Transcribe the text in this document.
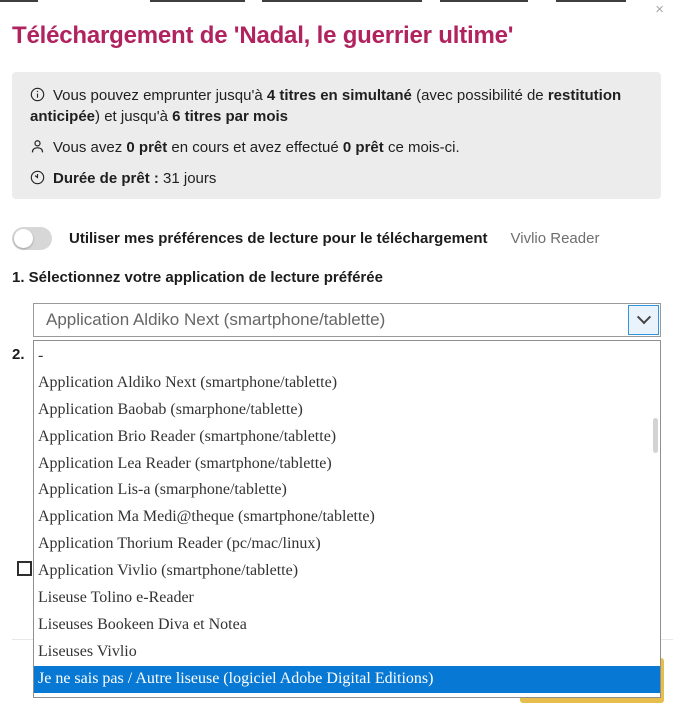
Téléchargement de 'Nadal, le guerrier ultime'
×

Vous pouvez emprunter jusqu'à 4 titres en simultané (avec possibilité de restitution anticipée) et jusqu'à 6 titres par mois

Vous avez 0 prêt en cours et avez effectué 0 prêt ce mois-ci.

Durée de prêt : 31 jours

Utiliser mes préférences de lecture pour le téléchargement Vivlio Reader
1. Sélectionnez votre application de lecture préférée
Application Aldiko Next (smartphone/tablette)
2. -
Application Aldiko Next (smartphone/tablette)
Application Baobab (smarphone/tablette)
Application Brio Reader (smartphone/tablette)
Application Lea Reader (smartphone/tablette)
Application Lis-a (smarphone/tablette)
Application Ma Medi@theque (smartphone/tablette)
Application Thorium Reader (pc/mac/linux)
Application Vivlio (smartphone/tablette)
Liseuse Tolino e-Reader
Liseuses Bookeen Diva et Notea
Liseuses Vivlio
Je ne sais pas / Autre liseuse (logiciel Adobe Digital Editions)
